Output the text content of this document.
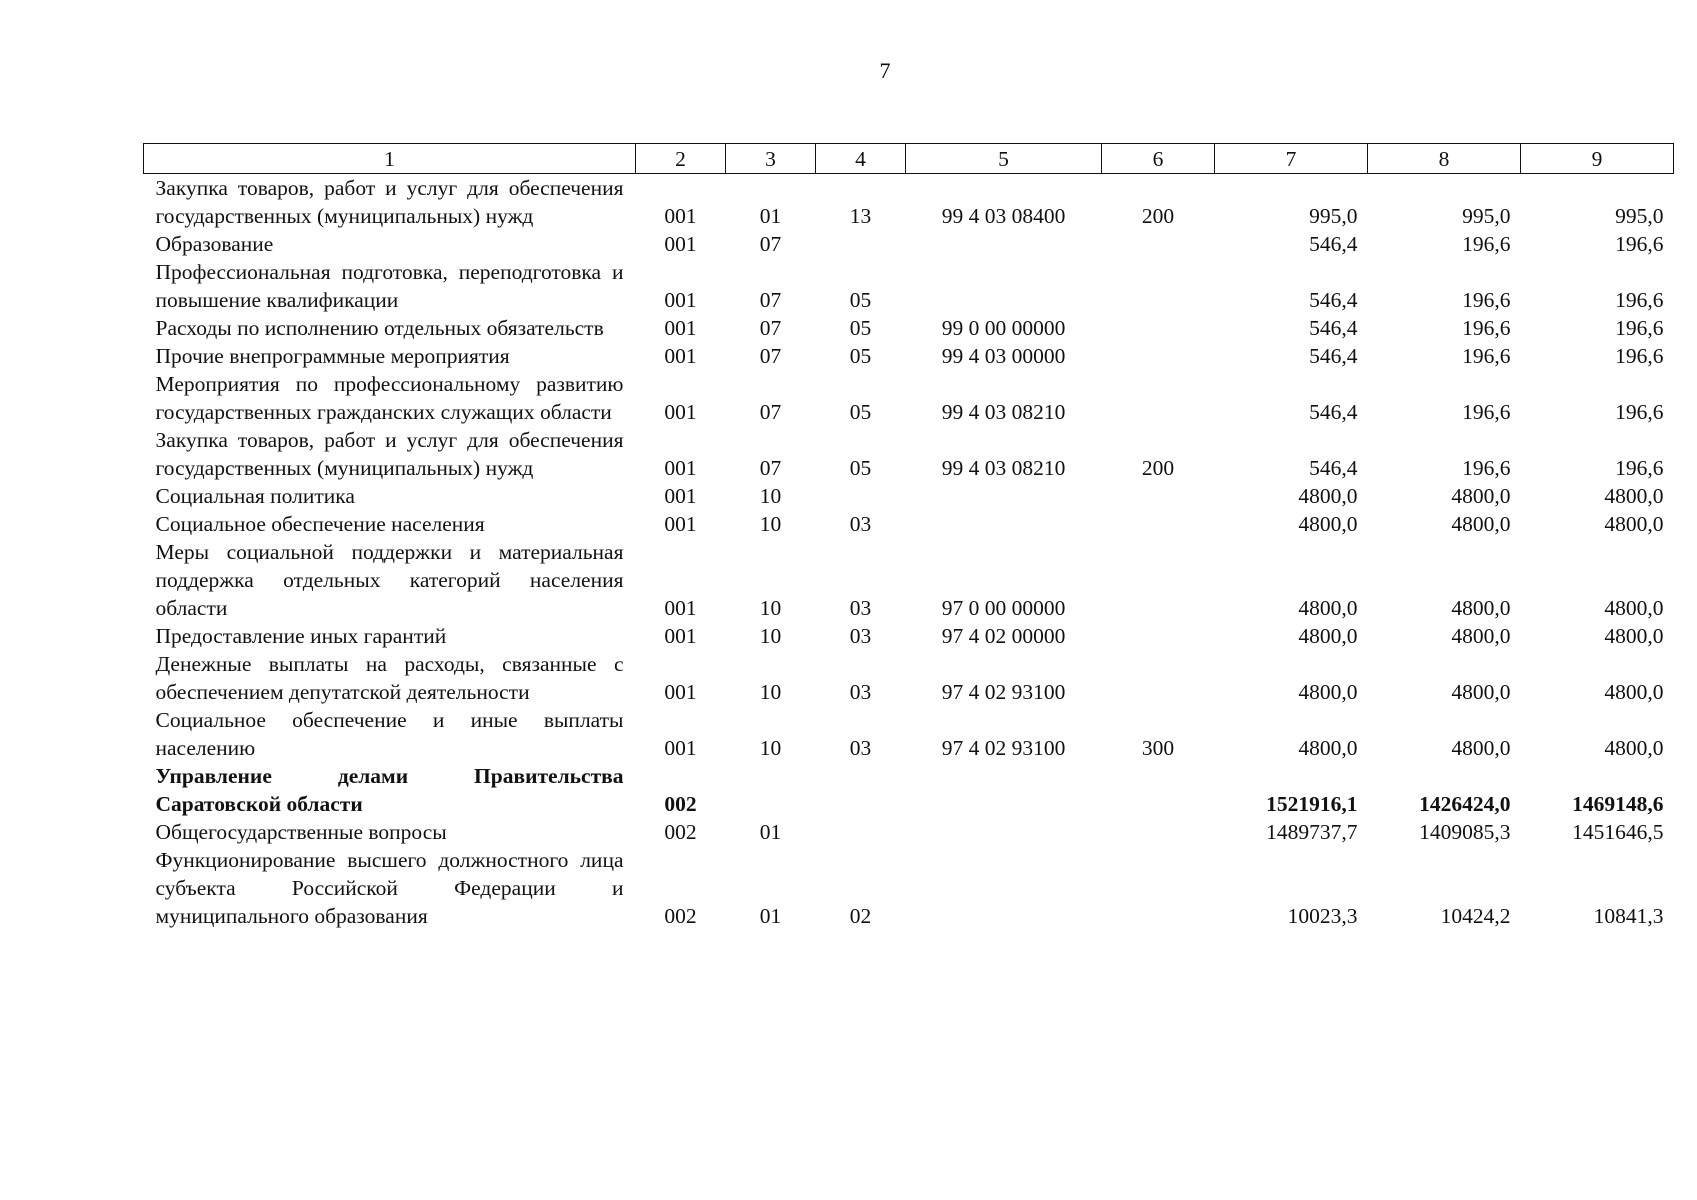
7
1	2	3	4	5	6	7	8	9
Закупка товаров, работ и услуг для обеспечения государственных (муниципальных) нужд	001	01	13	99 4 03 08400	200	995,0	995,0	995,0
Образование	001	07				546,4	196,6	196,6
Профессиональная подготовка, переподготовка и повышение квалификации	001	07	05			546,4	196,6	196,6
Расходы по исполнению отдельных обязательств	001	07	05	99 0 00 00000		546,4	196,6	196,6
Прочие внепрограммные мероприятия	001	07	05	99 4 03 00000		546,4	196,6	196,6
Мероприятия по профессиональному развитию государственных гражданских служащих области	001	07	05	99 4 03 08210		546,4	196,6	196,6
Закупка товаров, работ и услуг для обеспечения государственных (муниципальных) нужд	001	07	05	99 4 03 08210	200	546,4	196,6	196,6
Социальная политика	001	10				4800,0	4800,0	4800,0
Социальное обеспечение населения	001	10	03			4800,0	4800,0	4800,0
Меры социальной поддержки и материальная поддержка отдельных категорий населения области	001	10	03	97 0 00 00000		4800,0	4800,0	4800,0
Предоставление иных гарантий	001	10	03	97 4 02 00000		4800,0	4800,0	4800,0
Денежные выплаты на расходы, связанные с обеспечением депутатской деятельности	001	10	03	97 4 02 93100		4800,0	4800,0	4800,0
Социальное обеспечение и иные выплаты населению	001	10	03	97 4 02 93100	300	4800,0	4800,0	4800,0
Управление делами Правительства Саратовской области	002					1521916,1	1426424,0	1469148,6
Общегосударственные вопросы	002	01				1489737,7	1409085,3	1451646,5
Функционирование высшего должностного лица субъекта Российской Федерации и муниципального образования	002	01	02			10023,3	10424,2	10841,3
